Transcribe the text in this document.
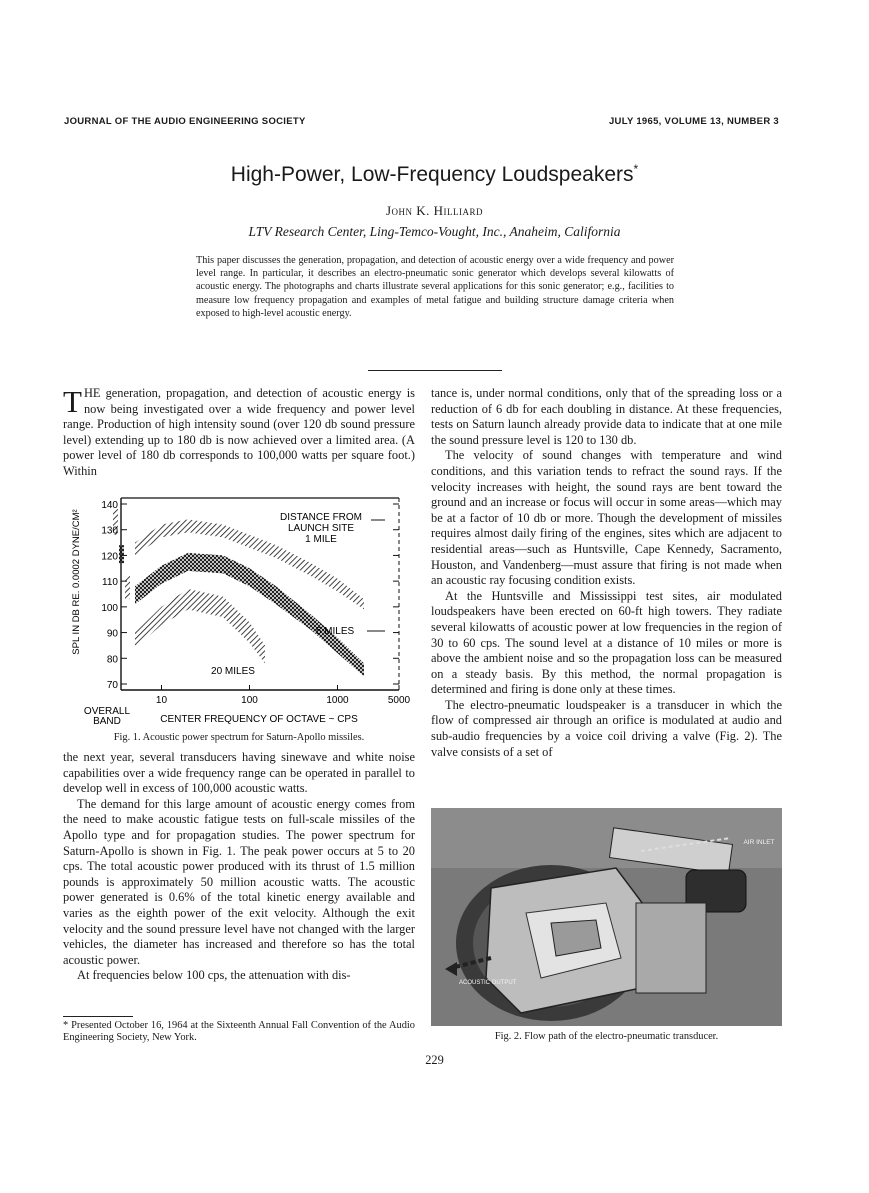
JOURNAL OF THE AUDIO ENGINEERING SOCIETY	JULY 1965, VOLUME 13, NUMBER 3
High-Power, Low-Frequency Loudspeakers*
John K. Hilliard
LTV Research Center, Ling-Temco-Vought, Inc., Anaheim, California

This paper discusses the generation, propagation, and detection of acoustic energy over a wide frequency and power level range. In particular, it describes an electro-pneumatic sonic generator which develops several kilowatts of acoustic energy. The photographs and charts illustrate several applications for this sonic generator; e.g., facilities to measure low frequency propagation and examples of metal fatigue and building structure damage criteria when exposed to high-level acoustic energy.

THE generation, propagation, and detection of acoustic energy is now being investigated over a wide frequency and power level range. Production of high intensity sound (over 120 db sound pressure level) extending up to 180 db is now achieved over a limited area. (A power level of 180 db corresponds to 100,000 watts per square foot.) Within

70
80
90
100
110
120
130
140
10	100	1000	5000
DISTANCE FROM
LAUNCH SITE
1 MILE
5 MILES
20 MILES
SPL IN DB RE. 0.0002 DYNE/CM²
CENTER FREQUENCY OF OCTAVE ~ CPS
OVERALL
BAND
Fig. 1. Acoustic power spectrum for Saturn-Apollo missiles.

the next year, several transducers having sinewave and white noise capabilities over a wide frequency range can be operated in parallel to develop well in excess of 100,000 acoustic watts.

The demand for this large amount of acoustic energy comes from the need to make acoustic fatigue tests on full-scale missiles of the Apollo type and for propagation studies. The power spectrum for Saturn-Apollo is shown in Fig. 1. The peak power occurs at 5 to 20 cps. The total acoustic power produced with its thrust of 1.5 million pounds is approximately 50 million acoustic watts. The acoustic power generated is 0.6% of the total kinetic energy available and varies as the eighth power of the exit velocity. Although the exit velocity and the sound pressure level have not changed with the larger vehicles, the diameter has increased and therefore so has the total acoustic power.

At frequencies below 100 cps, the attenuation with dis-

* Presented October 16, 1964 at the Sixteenth Annual Fall Convention of the Audio Engineering Society, New York.

tance is, under normal conditions, only that of the spreading loss or a reduction of 6 db for each doubling in distance. At these frequencies, tests on Saturn launch already provide data to indicate that at one mile the sound pressure level is 120 to 130 db.

The velocity of sound changes with temperature and wind conditions, and this variation tends to refract the sound rays. If the velocity increases with height, the sound rays are bent toward the ground and an increase or focus will occur in some areas—which may be at a factor of 10 db or more. Though the development of missiles requires almost daily firing of the engines, sites which are adjacent to residential areas—such as Huntsville, Cape Kennedy, Sacramento, Houston, and Vandenberg—must assure that firing is not made when an acoustic ray focusing condition exists.

At the Huntsville and Mississippi test sites, air modulated loudspeakers have been erected on 60-ft high towers. They radiate several kilowatts of acoustic power at low frequencies in the region of 30 to 60 cps. The sound level at a distance of 10 miles or more is above the ambient noise and so the propagation loss can be measured on a steady basis. By this method, the normal propagation is determined and firing is done only at these times.

The electro-pneumatic loudspeaker is a transducer in which the flow of compressed air through an orifice is modulated at audio and sub-audio frequencies by a voice coil driving a valve (Fig. 2). The valve consists of a set of

AIR INLET
ACOUSTIC OUTPUT
Fig. 2. Flow path of the electro-pneumatic transducer.
229
